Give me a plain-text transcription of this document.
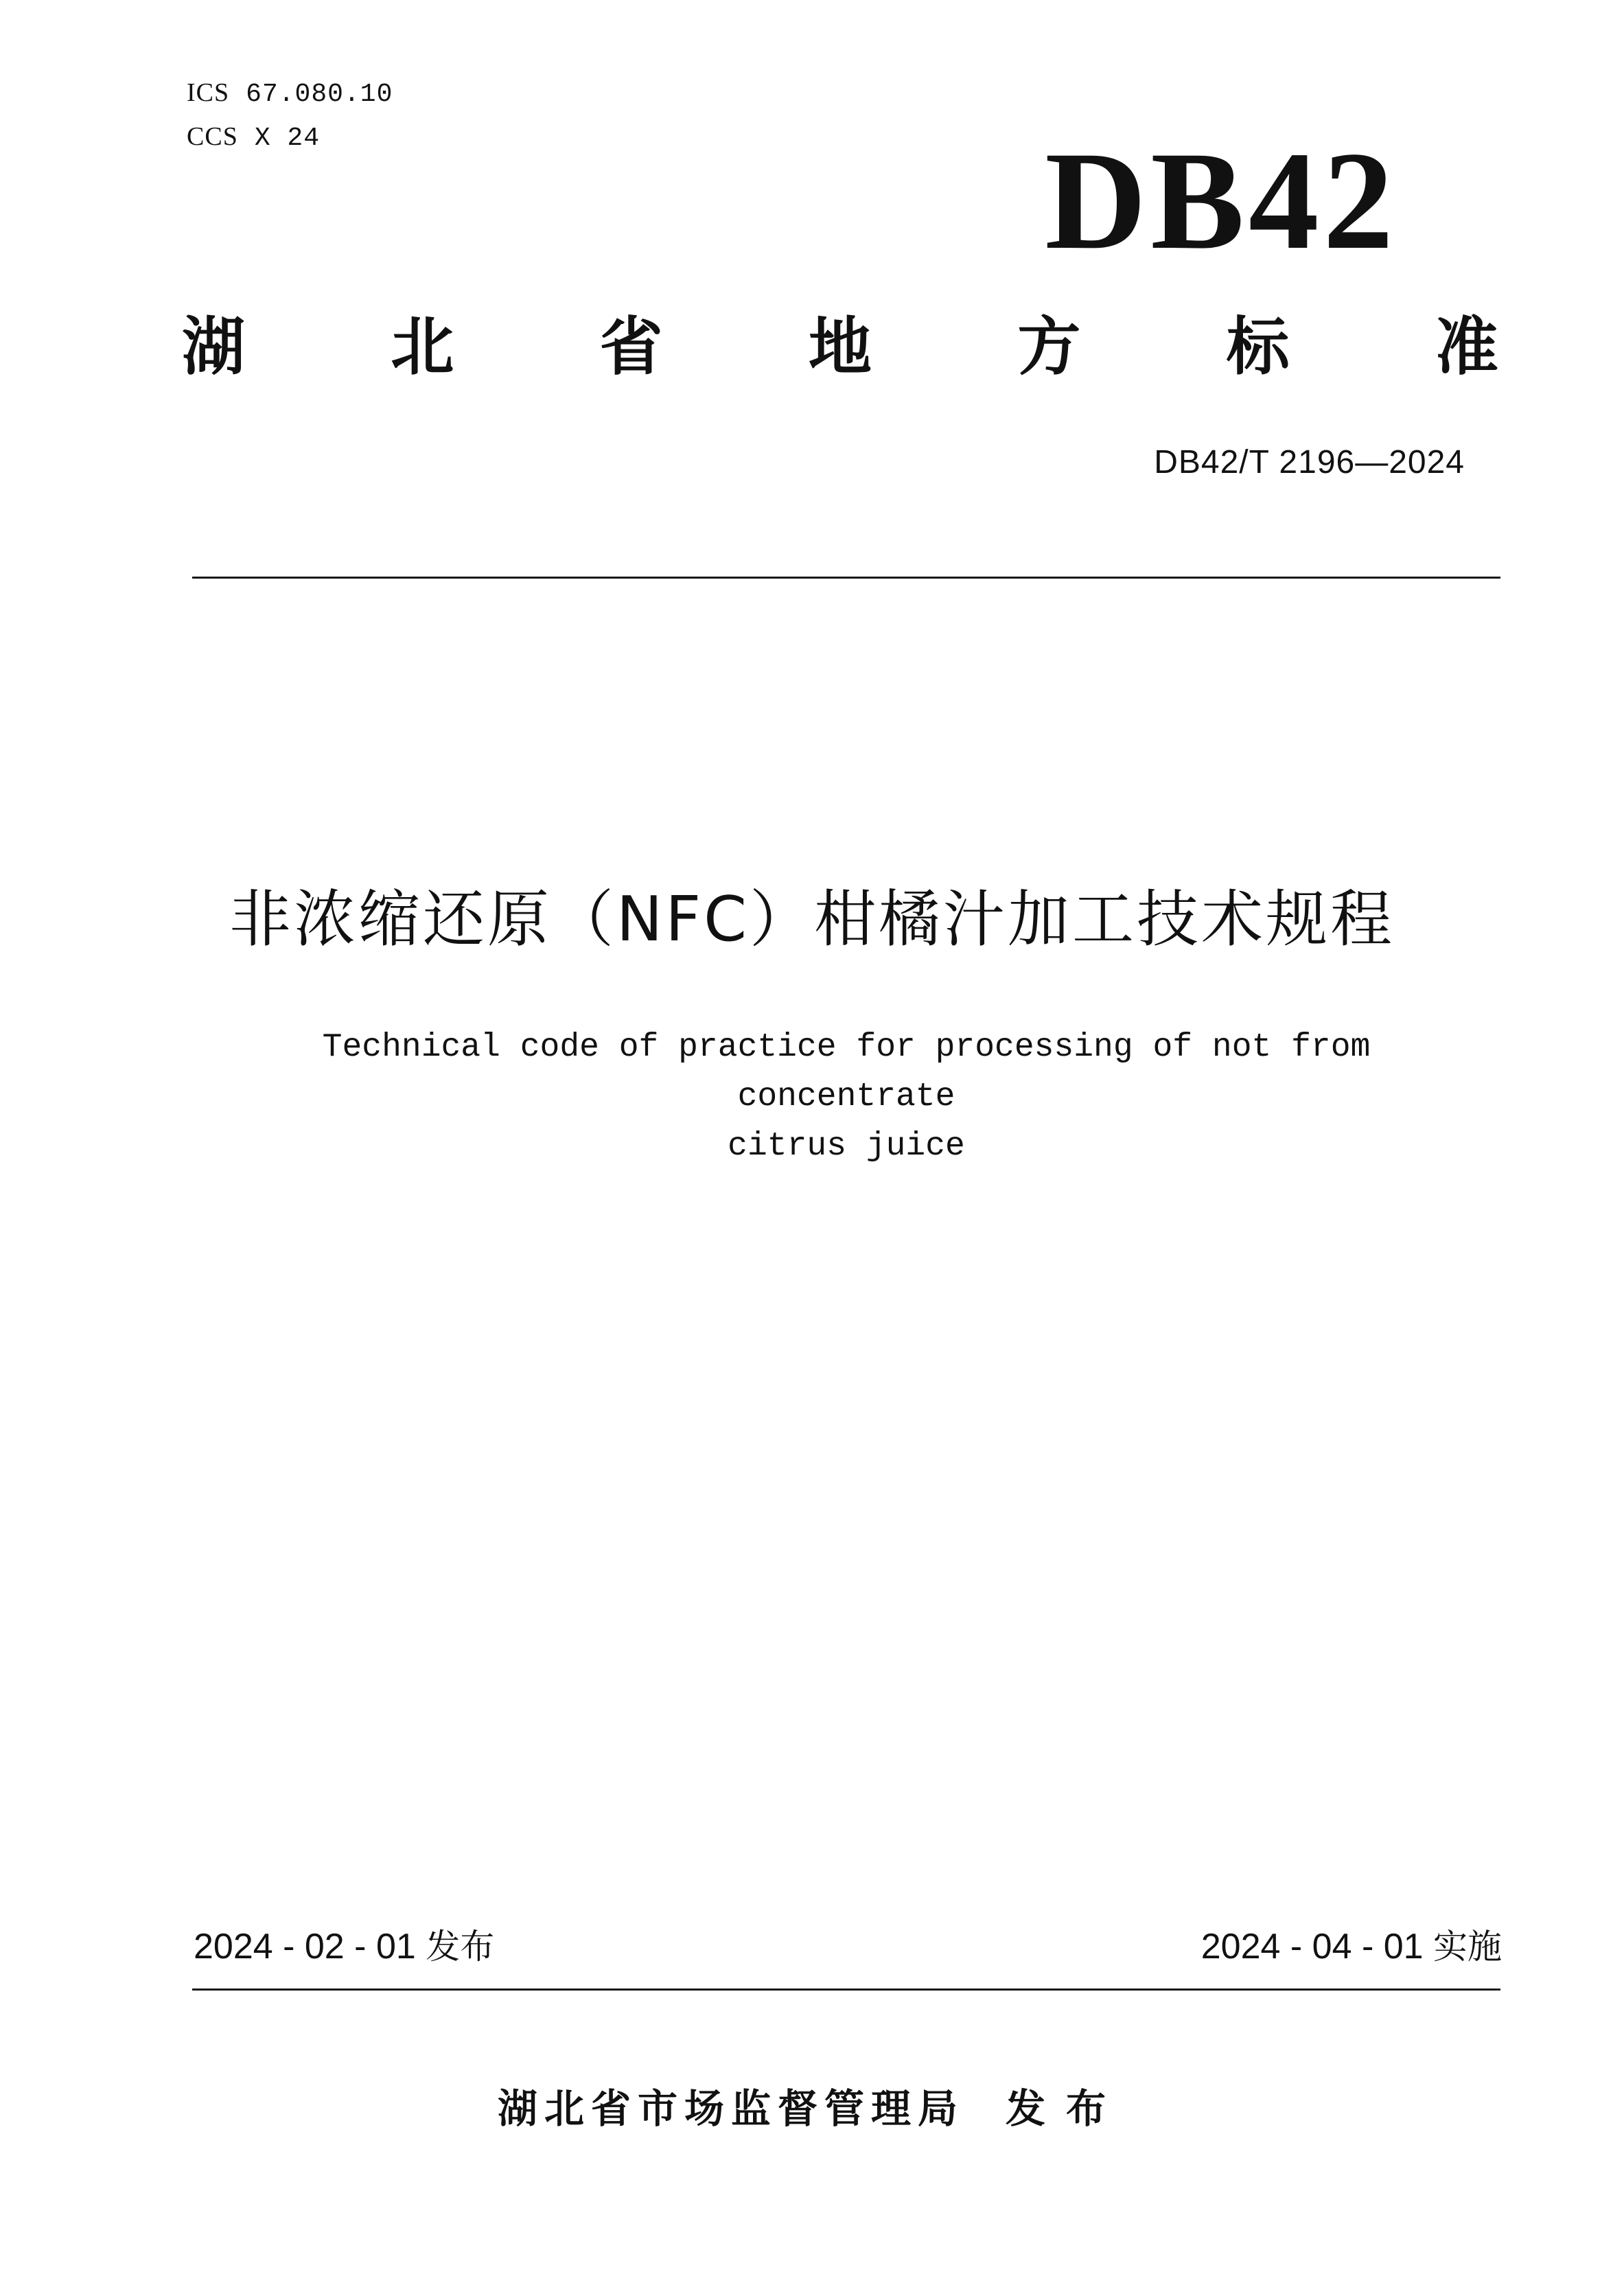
ICS 67.080.10
CCS X 24	DB42
湖 北 省 地 方 标 准
DB42/T 2196—2024
非浓缩还原（NFC）柑橘汁加工技术规程
Technical code of practice for processing of not from concentrate
citrus juice
2024 - 02 - 01 发布	2024 - 04 - 01 实施
湖北省市场监督管理局 发布
